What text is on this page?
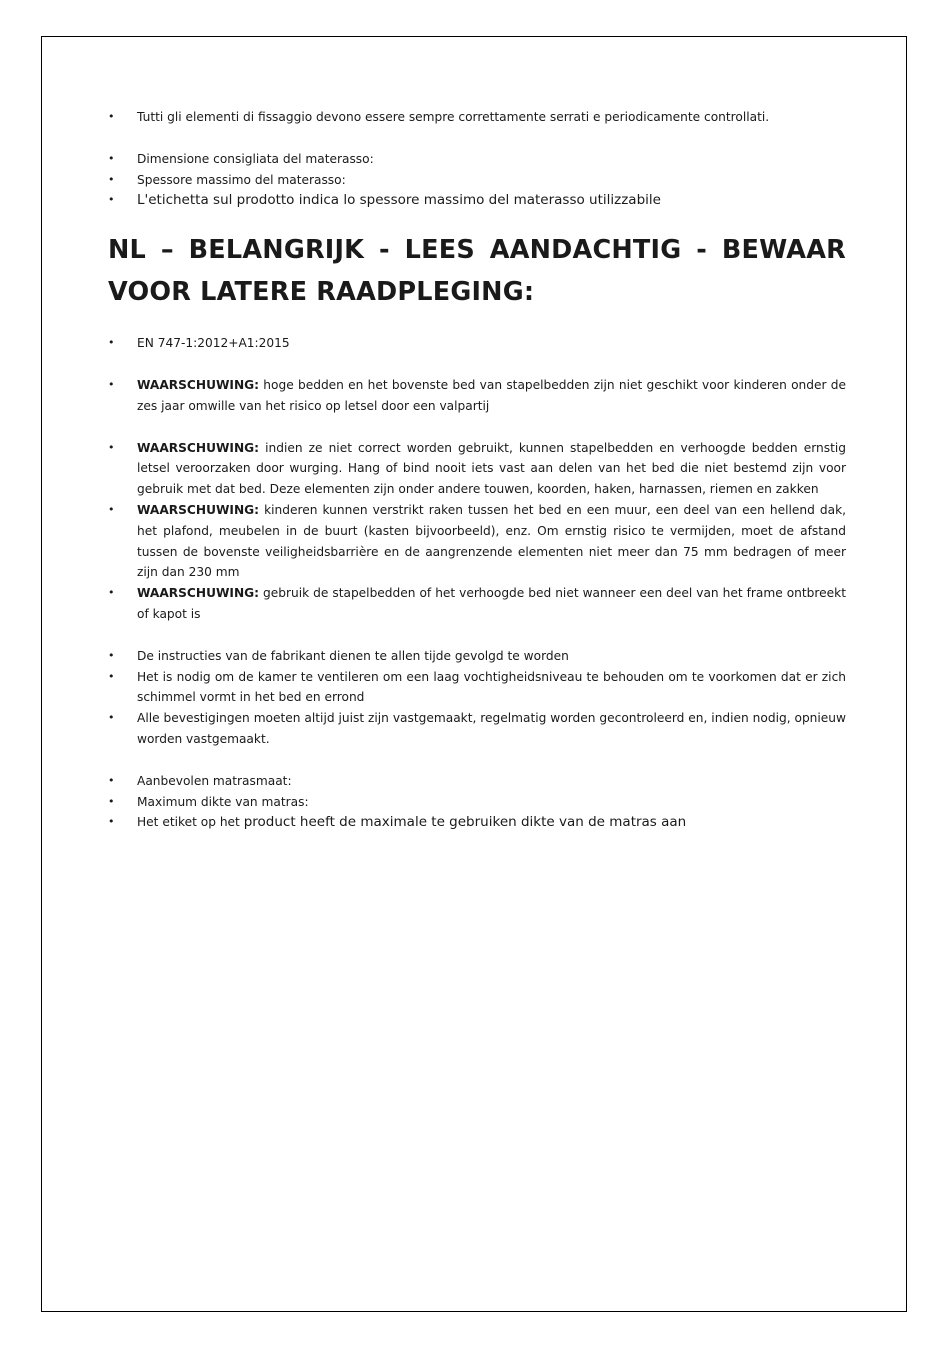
•	Tutti gli elementi di fissaggio devono essere sempre correttamente serrati e periodicamente controllati.
•	Dimensione consigliata del materasso:
•	Spessore massimo del materasso:
•	L'etichetta sul prodotto indica lo spessore massimo del materasso utilizzabile
NL – BELANGRIJK - LEES AANDACHTIG - BEWAAR VOOR LATERE RAADPLEGING:
•	EN 747-1:2012+A1:2015
•	WAARSCHUWING: hoge bedden en het bovenste bed van stapelbedden zijn niet geschikt voor kinderen onder de zes jaar omwille van het risico op letsel door een valpartij
•	WAARSCHUWING: indien ze niet correct worden gebruikt, kunnen stapelbedden en verhoogde bedden ernstig letsel veroorzaken door wurging. Hang of bind nooit iets vast aan delen van het bed die niet bestemd zijn voor gebruik met dat bed. Deze elementen zijn onder andere touwen, koorden, haken, harnassen, riemen en zakken
•	WAARSCHUWING: kinderen kunnen verstrikt raken tussen het bed en een muur, een deel van een hellend dak, het plafond, meubelen in de buurt (kasten bijvoorbeeld), enz. Om ernstig risico te vermijden, moet de afstand tussen de bovenste veiligheidsbarrière en de aangrenzende elementen niet meer dan 75 mm bedragen of meer zijn dan 230 mm
•	WAARSCHUWING: gebruik de stapelbedden of het verhoogde bed niet wanneer een deel van het frame ontbreekt of kapot is
•	De instructies van de fabrikant dienen te allen tijde gevolgd te worden
•	Het is nodig om de kamer te ventileren om een laag vochtigheidsniveau te behouden om te voorkomen dat er zich schimmel vormt in het bed en errond
•	Alle bevestigingen moeten altijd juist zijn vastgemaakt, regelmatig worden gecontroleerd en, indien nodig, opnieuw worden vastgemaakt.
•	Aanbevolen matrasmaat:
•	Maximum dikte van matras:
•	Het etiket op het product heeft de maximale te gebruiken dikte van de matras aan
